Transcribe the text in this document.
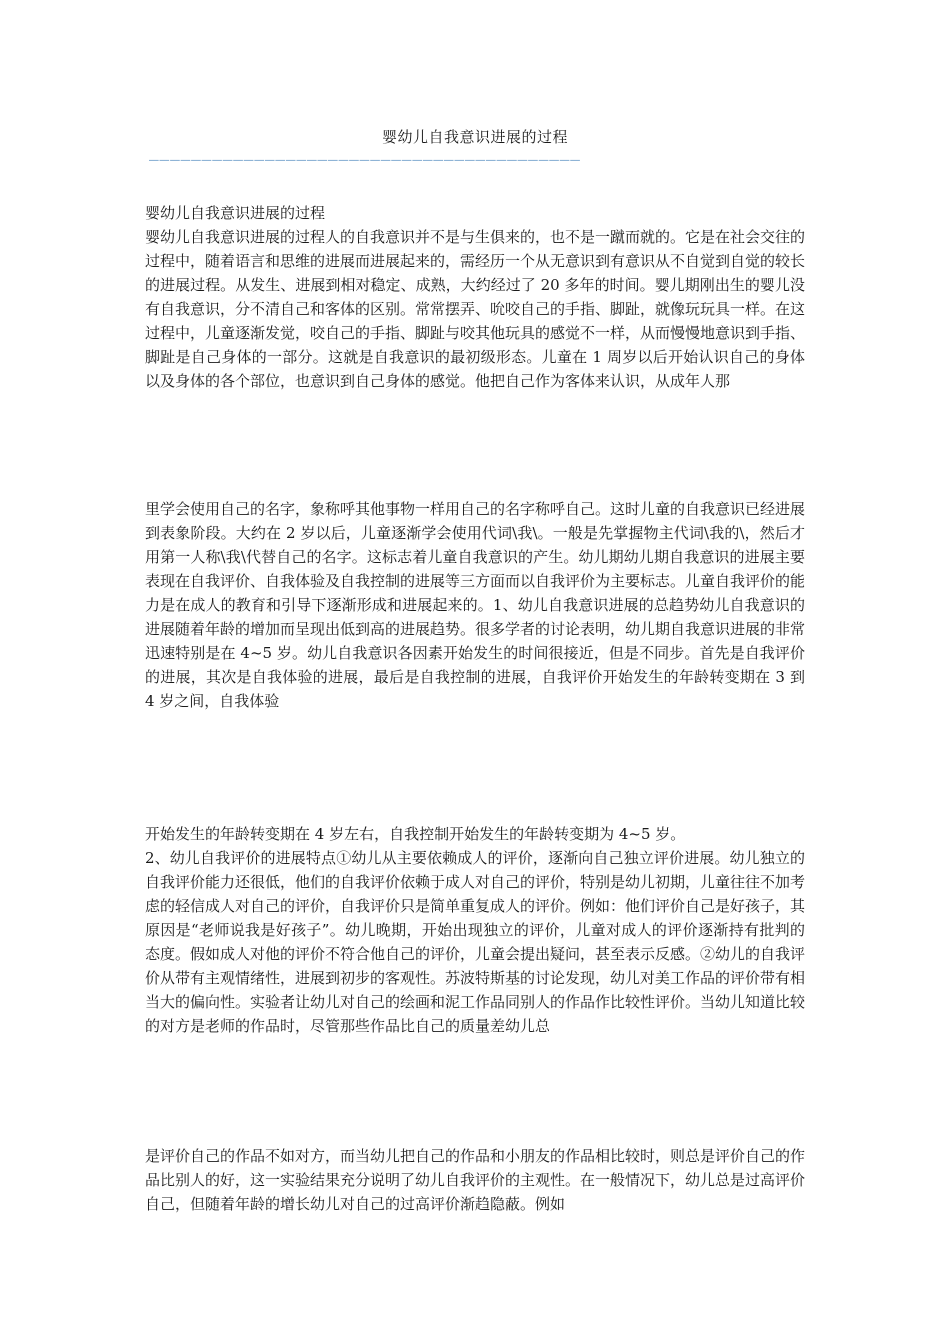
婴幼儿自我意识进展的过程
—————————————————————————————————————————

婴幼儿自我意识进展的过程

婴幼儿自我意识进展的过程人的自我意识并不是与生俱来的，也不是一蹴而就的。它是在社会交往的过程中，随着语言和思维的进展而进展起来的，需经历一个从无意识到有意识从不自觉到自觉的较长的进展过程。从发生、进展到相对稳定、成熟，大约经过了 20 多年的时间。婴儿期刚出生的婴儿没有自我意识，分不清自己和客体的区别。常常摆弄、吮咬自己的手指、脚趾，就像玩玩具一样。在这过程中，儿童逐渐发觉，咬自己的手指、脚趾与咬其他玩具的感觉不一样，从而慢慢地意识到手指、脚趾是自己身体的一部分。这就是自我意识的最初级形态。儿童在 1 周岁以后开始认识自己的身体以及身体的各个部位，也意识到自己身体的感觉。他把自己作为客体来认识，从成年人那

里学会使用自己的名字，象称呼其他事物一样用自己的名字称呼自己。这时儿童的自我意识已经进展到表象阶段。大约在 2 岁以后，儿童逐渐学会使用代词\我\。一般是先掌握物主代词\我的\，然后才用第一人称\我\代替自己的名字。这标志着儿童自我意识的产生。幼儿期幼儿期自我意识的进展主要表现在自我评价、自我体验及自我控制的进展等三方面而以自我评价为主要标志。儿童自我评价的能力是在成人的教育和引导下逐渐形成和进展起来的。1、幼儿自我意识进展的总趋势幼儿自我意识的进展随着年龄的增加而呈现出低到高的进展趋势。很多学者的讨论表明，幼儿期自我意识进展的非常迅速特别是在 4~5 岁。幼儿自我意识各因素开始发生的时间很接近，但是不同步。首先是自我评价的进展，其次是自我体验的进展，最后是自我控制的进展，自我评价开始发生的年龄转变期在 3 到 4 岁之间，自我体验

开始发生的年龄转变期在 4 岁左右，自我控制开始发生的年龄转变期为 4~5 岁。

2、幼儿自我评价的进展特点①幼儿从主要依赖成人的评价，逐渐向自己独立评价进展。幼儿独立的自我评价能力还很低，他们的自我评价依赖于成人对自己的评价，特别是幼儿初期，儿童往往不加考虑的轻信成人对自己的评价，自我评价只是简单重复成人的评价。例如：他们评价自己是好孩子，其原因是“老师说我是好孩子”。幼儿晚期，开始出现独立的评价，儿童对成人的评价逐渐持有批判的态度。假如成人对他的评价不符合他自己的评价，儿童会提出疑问，甚至表示反感。②幼儿的自我评价从带有主观情绪性，进展到初步的客观性。苏波特斯基的讨论发现，幼儿对美工作品的评价带有相当大的偏向性。实验者让幼儿对自己的绘画和泥工作品同别人的作品作比较性评价。当幼儿知道比较的对方是老师的作品时，尽管那些作品比自己的质量差幼儿总

是评价自己的作品不如对方，而当幼儿把自己的作品和小朋友的作品相比较时，则总是评价自己的作品比别人的好，这一实验结果充分说明了幼儿自我评价的主观性。在一般情况下，幼儿总是过高评价自己，但随着年龄的增长幼儿对自己的过高评价渐趋隐蔽。例如
